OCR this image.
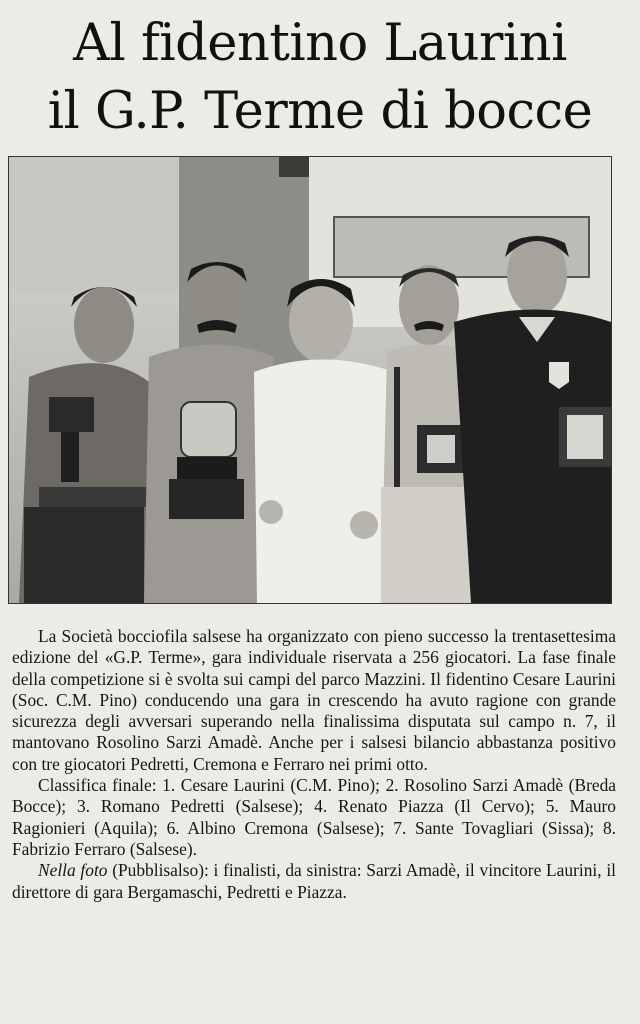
Al fidentino Laurini
il G.P. Terme di bocce

La Società bocciofila salsese ha organizzato con pieno successo la trentasettesima edizione del «G.P. Terme», gara individuale riservata a 256 giocatori. La fase finale della competizione si è svolta sui campi del parco Mazzini. Il fidentino Cesare Laurini (Soc. C.M. Pino) conducendo una gara in crescendo ha avuto ragione con grande sicurezza degli avversari superando nella finalissima disputata sul campo n. 7, il mantovano Rosolino Sarzi Amadè. Anche per i salsesi bilancio abbastanza positivo con tre giocatori Pedretti, Cremona e Ferraro nei primi otto.

Classifica finale: 1. Cesare Laurini (C.M. Pino); 2. Rosolino Sarzi Amadè (Breda Bocce); 3. Romano Pedretti (Salsese); 4. Renato Piazza (Il Cervo); 5. Mauro Ragionieri (Aquila); 6. Albino Cremona (Salsese); 7. Sante Tovagliari (Sissa); 8. Fabrizio Ferraro (Salsese).

Nella foto (Pubblisalso): i finalisti, da sinistra: Sarzi Amadè, il vincitore Laurini, il direttore di gara Bergamaschi, Pedretti e Piazza.
